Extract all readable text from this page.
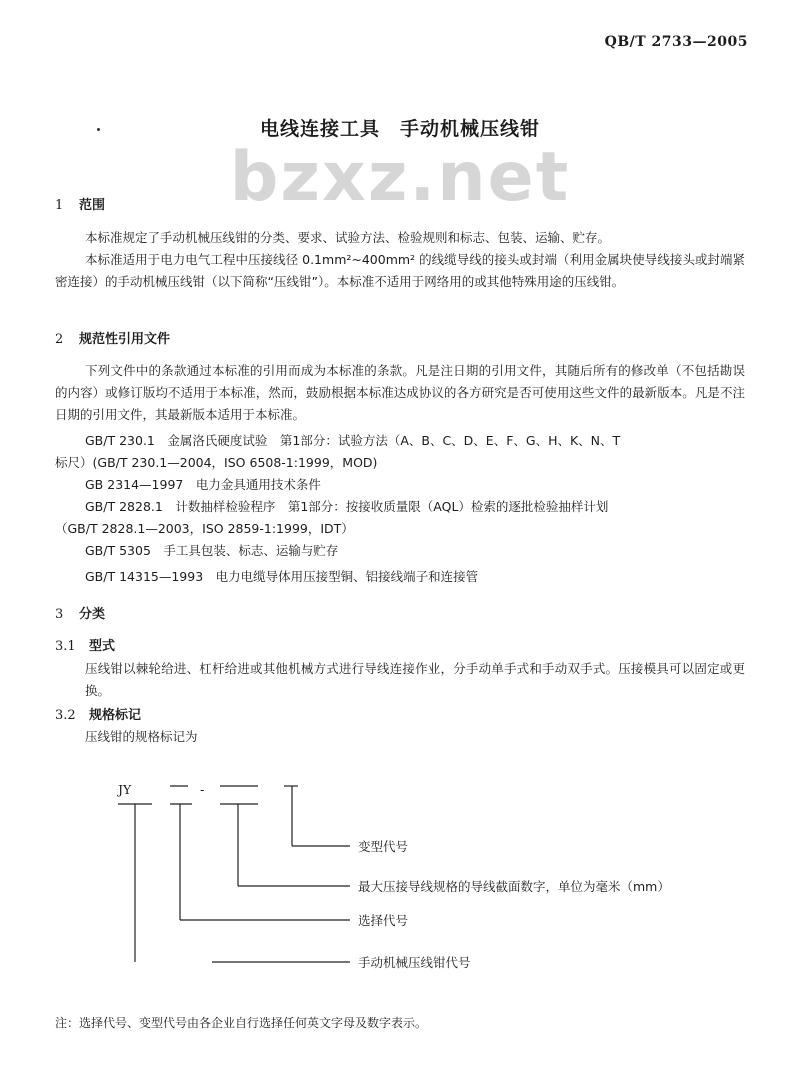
QB/T 2733—2005
电线连接工具　手动机械压线钳
bzxz.net
1 范围
本标准规定了手动机械压线钳的分类、要求、试验方法、检验规则和标志、包装、运输、贮存。
本标准适用于电力电气工程中压接线径 0.1mm²~400mm² 的线缆导线的接头或封端（利用金属块使导线接头或封端紧密连接）的手动机械压线钳（以下简称“压线钳”）。本标准不适用于网络用的或其他特殊用途的压线钳。
2 规范性引用文件
下列文件中的条款通过本标准的引用而成为本标准的条款。凡是注日期的引用文件，其随后所有的修改单（不包括勘误的内容）或修订版均不适用于本标准，然而，鼓励根据本标准达成协议的各方研究是否可使用这些文件的最新版本。凡是不注日期的引用文件，其最新版本适用于本标准。
GB/T 230.1　金属洛氏硬度试验　第1部分：试验方法（A、B、C、D、E、F、G、H、K、N、T
标尺）(GB/T 230.1—2004，ISO 6508-1:1999，MOD)
GB 2314—1997　电力金具通用技术条件
GB/T 2828.1　计数抽样检验程序　第1部分：按接收质量限（AQL）检索的逐批检验抽样计划
（GB/T 2828.1—2003，ISO 2859-1:1999，IDT）
GB/T 5305　手工具包装、标志、运输与贮存
GB/T 14315—1993　电力电缆导体用压接型铜、铝接线端子和连接管
3 分类
3.1 型式
压线钳以棘轮给进、杠杆给进或其他机械方式进行导线连接作业，分手动单手式和手动双手式。压接模具可以固定或更换。
3.2 规格标记
压线钳的规格标记为
JY	-
变型代号
最大压接导线规格的导线截面数字，单位为毫米（mm）
选择代号
手动机械压线钳代号
注：选择代号、变型代号由各企业自行选择任何英文字母及数字表示。
